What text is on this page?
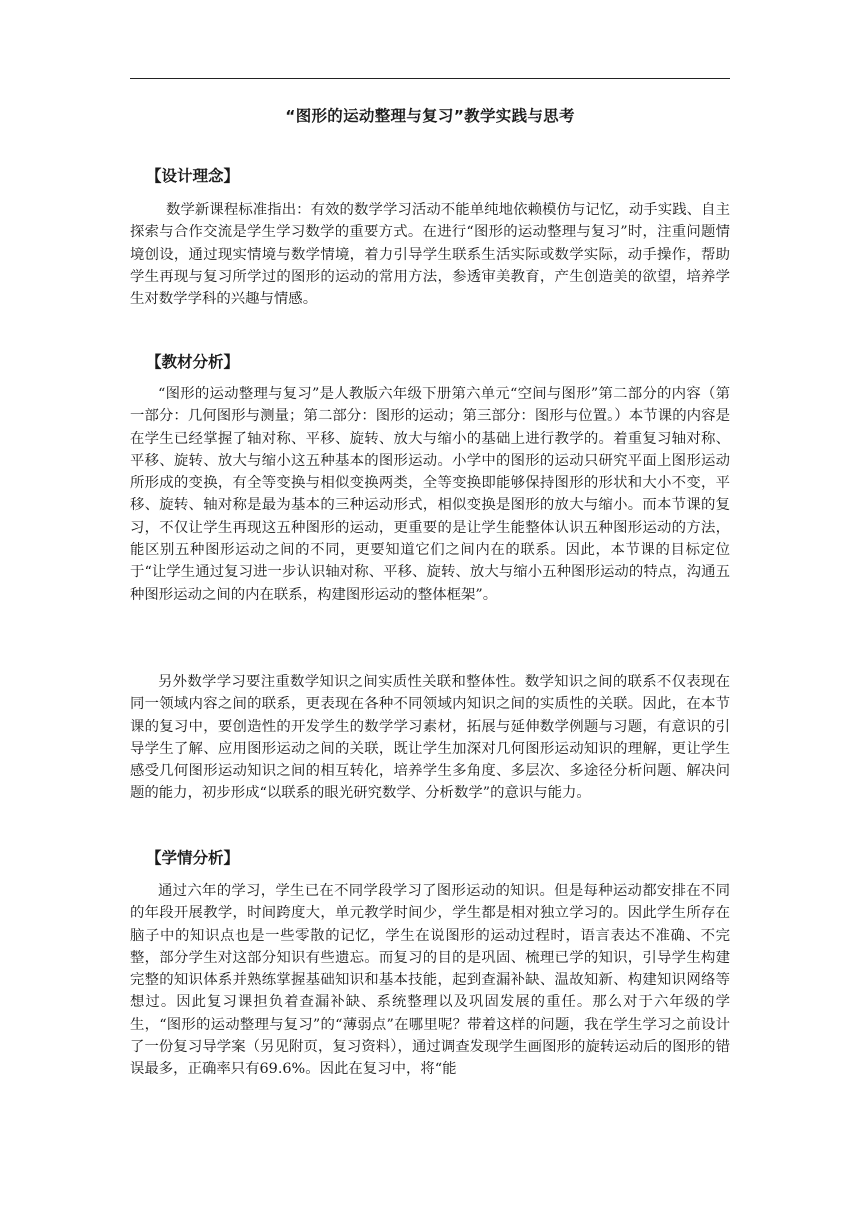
“图形的运动整理与复习”教学实践与思考
【设计理念】

数学新课程标准指出：有效的数学学习活动不能单纯地依赖模仿与记忆，动手实践、自主探索与合作交流是学生学习数学的重要方式。在进行“图形的运动整理与复习”时，注重问题情境创设，通过现实情境与数学情境，着力引导学生联系生活实际或数学实际，动手操作，帮助学生再现与复习所学过的图形的运动的常用方法，参透审美教育，产生创造美的欲望，培养学生对数学学科的兴趣与情感。

【教材分析】

“图形的运动整理与复习”是人教版六年级下册第六单元“空间与图形”第二部分的内容（第一部分：几何图形与测量；第二部分：图形的运动；第三部分：图形与位置。）本节课的内容是在学生已经掌握了轴对称、平移、旋转、放大与缩小的基础上进行教学的。着重复习轴对称、平移、旋转、放大与缩小这五种基本的图形运动。小学中的图形的运动只研究平面上图形运动所形成的变换，有全等变换与相似变换两类，全等变换即能够保持图形的形状和大小不变，平移、旋转、轴对称是最为基本的三种运动形式，相似变换是图形的放大与缩小。而本节课的复习，不仅让学生再现这五种图形的运动，更重要的是让学生能整体认识五种图形运动的方法，能区别五种图形运动之间的不同，更要知道它们之间内在的联系。因此，本节课的目标定位于“让学生通过复习进一步认识轴对称、平移、旋转、放大与缩小五种图形运动的特点，沟通五种图形运动之间的内在联系，构建图形运动的整体框架”。

另外数学学习要注重数学知识之间实质性关联和整体性。数学知识之间的联系不仅表现在同一领域内容之间的联系，更表现在各种不同领域内知识之间的实质性的关联。因此，在本节课的复习中，要创造性的开发学生的数学学习素材，拓展与延伸数学例题与习题，有意识的引导学生了解、应用图形运动之间的关联，既让学生加深对几何图形运动知识的理解，更让学生感受几何图形运动知识之间的相互转化，培养学生多角度、多层次、多途径分析问题、解决问题的能力，初步形成“以联系的眼光研究数学、分析数学”的意识与能力。

【学情分析】

通过六年的学习，学生已在不同学段学习了图形运动的知识。但是每种运动都安排在不同的年段开展教学，时间跨度大，单元教学时间少，学生都是相对独立学习的。因此学生所存在脑子中的知识点也是一些零散的记忆，学生在说图形的运动过程时，语言表达不准确、不完整，部分学生对这部分知识有些遗忘。而复习的目的是巩固、梳理已学的知识，引导学生构建完整的知识体系并熟练掌握基础知识和基本技能，起到查漏补缺、温故知新、构建知识网络等想过。因此复习课担负着查漏补缺、系统整理以及巩固发展的重任。那么对于六年级的学生，“图形的运动整理与复习”的“薄弱点”在哪里呢？带着这样的问题，我在学生学习之前设计了一份复习导学案（另见附页，复习资料），通过调查发现学生画图形的旋转运动后的图形的错误最多，正确率只有69.6%。因此在复习中，将“能
